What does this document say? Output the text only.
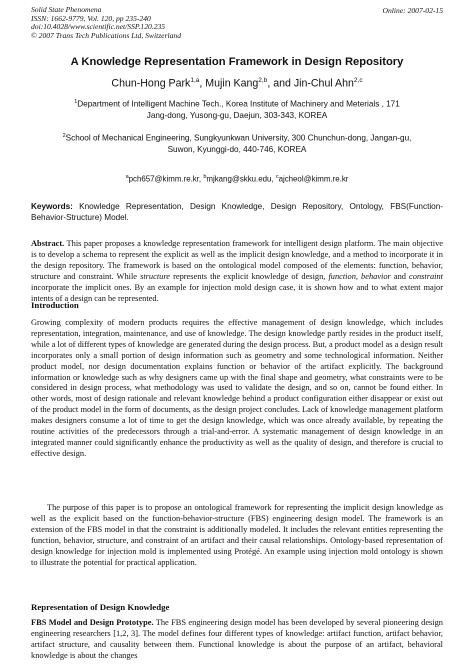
Solid State Phenomena
ISSN: 1662-9779, Vol. 120, pp 235-240
doi:10.4028/www.scientific.net/SSP.120.235
© 2007 Trans Tech Publications Ltd, Switzerland
Online: 2007-02-15
A Knowledge Representation Framework in Design Repository
Chun-Hong Park$^{1,a}$, Mujin Kang$^{2,b}$, and Jin-Chul Ahn$^{2,c}$
$^1$Department of Intelligent Machine Tech., Korea Institute of Machinery and Meterials , 171
Jang-dong, Yusong-gu, Daejun, 303-343, KOREA
$^2$School of Mechanical Engineering, Sungkyunkwan University, 300 Chunchun-dong, Jangan-gu,
Suwon, Kyunggi-do, 440-746, KOREA
$^a$pch657@kimm.re.kr, $^b$mjkang@skku.edu, $^c$ajcheol@kimm.re.kr
Keywords: Knowledge Representation, Design Knowledge, Design Repository, Ontology, FBS(Function-Behavior-Structure) Model.
Abstract. This paper proposes a knowledge representation framework for intelligent design platform. The main objective is to develop a schema to represent the explicit as well as the implicit design knowledge, and a method to incorporate it in the design repository. The framework is based on the ontological model composed of the elements: function, behavior, structure and constraint. While structure represents the explicit knowledge of design, function, behavior and constraint incorporate the implicit ones. By an example for injection mold design case, it is shown how and to what extent major intents of a design can be represented.
Introduction
Growing complexity of modern products requires the effective management of design knowledge, which includes representation, integration, maintenance, and use of knowledge. The design knowledge partly resides in the product itself, while a lot of different types of knowledge are generated during the design process. But, a product model as a design result incorporates only a small portion of design information such as geometry and some technological information. Neither product model, nor design documentation explains function or behavior of the artifact explicitly. The background information or knowledge such as why designers came up with the final shape and geometry, what constraints were to be considered in design process, what methodology was used to validate the design, and so on, cannot be found either. In other words, most of design rationale and relevant knowledge behind a product configuration either disappear or exist out of the product model in the form of documents, as the design project concludes. Lack of knowledge management platform makes designers consume a lot of time to get the design knowledge, which was once already available, by repeating the routine activities of the predecessors through a trial-and-error. A systematic management of design knowledge in an integrated manner could significantly enhance the productivity as well as the quality of design, and therefore is crucial to effective design.
The purpose of this paper is to propose an ontological framework for representing the implicit design knowledge as well as the explicit based on the function-behavior-structure (FBS) engineering design model. The framework is an extension of the FBS model in that the constraint is additionally modeled. It includes the relevant entities representing the function, behavior, structure, and constraint of an artifact and their causal relationships. Ontology-based representation of design knowledge for injection mold is implemented using Protégé. An example using injection mold ontology is shown to illustrate the potential for practical application.
Representation of Design Knowledge
FBS Model and Design Prototype. The FBS engineering design model has been developed by several pioneering design engineering researchers [1,2, 3]. The model defines four different types of knowledge: artifact function, artifact behavior, artifact structure, and causality between them. Functional knowledge is about the purpose of an artifact, behavioral knowledge is about the changes
